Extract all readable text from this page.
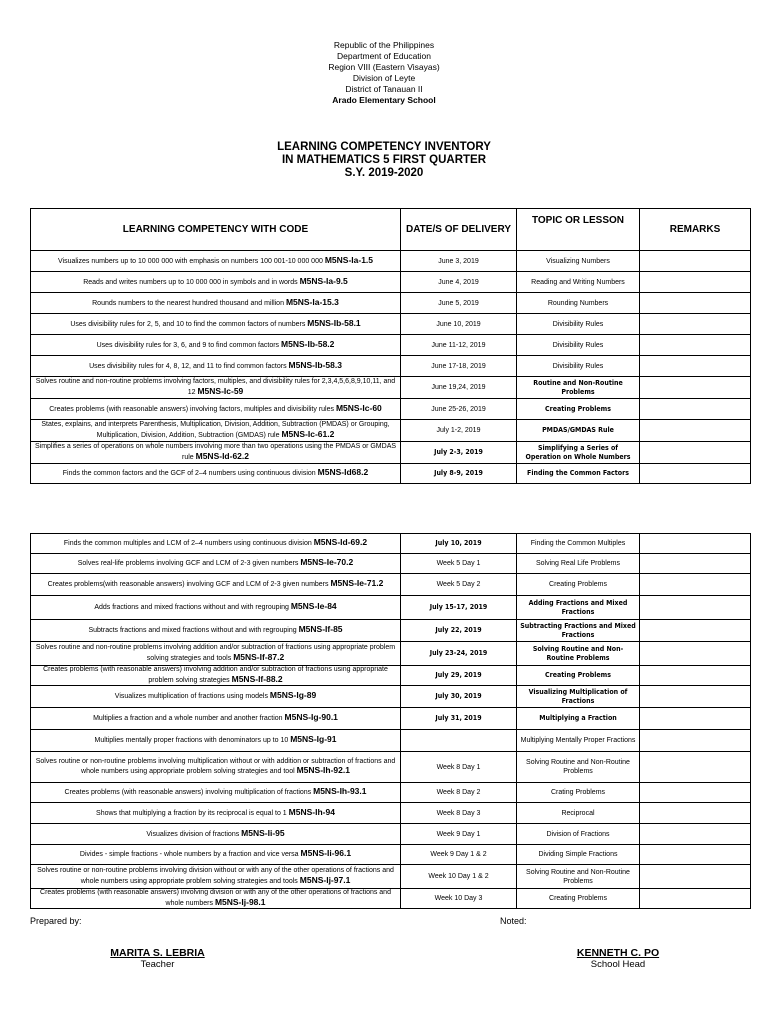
Republic of the Philippines
Department of Education
Region VIII (Eastern Visayas)
Division of Leyte
District of Tanauan II
Arado Elementary School
LEARNING COMPETENCY INVENTORY
IN MATHEMATICS 5 FIRST QUARTER
S.Y. 2019-2020
LEARNING COMPETENCY WITH CODE	DATE/S OF DELIVERY	TOPIC OR LESSON	REMARKS
Visualizes numbers up to 10 000 000 with emphasis on numbers 100 001-10 000 000 M5NS-Ia-1.5	June 3, 2019	Visualizing Numbers	
Reads and writes numbers up to 10 000 000 in symbols and in words M5NS-Ia-9.5	June 4, 2019	Reading and Writing Numbers	
Rounds numbers to the nearest hundred thousand and million M5NS-Ia-15.3	June 5, 2019	Rounding Numbers	
Uses divisibility rules for 2, 5, and 10 to find the common factors of numbers M5NS-Ib-58.1	June 10, 2019	Divisibility Rules	
Uses divisibility rules for 3, 6, and 9 to find common factors M5NS-Ib-58.2	June 11-12, 2019	Divisibility Rules	
Uses divisibility rules for 4, 8, 12, and 11 to find common factors M5NS-Ib-58.3	June 17-18, 2019	Divisibility Rules	
Solves routine and non-routine problems involving factors, multiples, and divisibility rules for 2,3,4,5,6,8,9,10,11, and 12 M5NS-Ic-59	June 19,24, 2019	Routine and Non-Routine Problems	
Creates problems (with reasonable answers) involving factors, multiples and divisibility rules M5NS-Ic-60	June 25-26, 2019	Creating Problems	
States, explains, and interprets Parenthesis, Multiplication, Division, Addition, Subtraction (PMDAS) or Grouping, Multiplication, Division, Addition, Subtraction (GMDAS) rule M5NS-Ic-61.2	July 1-2, 2019	PMDAS/GMDAS Rule	
Simplifies a series of operations on whole numbers involving more than two operations using the PMDAS or GMDAS rule M5NS-Id-62.2	July 2-3, 2019	Simplifying a Series of Operation on Whole Numbers	
Finds the common factors and the GCF of 2–4 numbers using continuous division M5NS-Id68.2	July 8-9, 2019	Finding the Common Factors	
Finds the common multiples and LCM of 2–4 numbers using continuous division M5NS-Id-69.2	July 10, 2019	Finding the Common Multiples	
Solves real-life problems involving GCF and LCM of 2-3 given numbers M5NS-Ie-70.2	Week 5 Day 1	Solving Real Life Problems	
Creates problems(with reasonable answers) involving GCF and LCM of 2-3 given numbers M5NS-Ie-71.2	Week 5 Day 2	Creating Problems	
Adds fractions and mixed fractions without and with regrouping M5NS-Ie-84	July 15-17, 2019	Adding Fractions and Mixed Fractions	
Subtracts fractions and mixed fractions without and with regrouping M5NS-If-85	July 22, 2019	Subtracting Fractions and Mixed Fractions	
Solves routine and non-routine problems involving addition and/or subtraction of fractions using appropriate problem solving strategies and tools M5NS-If-87.2	July 23-24, 2019	Solving Routine and Non-Routine Problems	
Creates problems (with reasonable answers) involving addition and/or subtraction of fractions using appropriate problem solving strategies M5NS-If-88.2	July 29, 2019	Creating Problems	
Visualizes multiplication of fractions using models M5NS-Ig-89	July 30, 2019	Visualizing Multiplication of Fractions	
Multiplies a fraction and a whole number and another fraction M5NS-Ig-90.1	July 31, 2019	Multiplying a Fraction	
Multiplies mentally proper fractions with denominators up to 10 M5NS-Ig-91		Multiplying Mentally Proper Fractions	
Solves routine or non-routine problems involving multiplication without or with addition or subtraction of fractions and whole numbers using appropriate problem solving strategies and tool M5NS-Ih-92.1	Week 8 Day 1	Solving Routine and Non-Routine Problems	
Creates problems (with reasonable answers) involving multiplication of fractions M5NS-Ih-93.1	Week 8 Day 2	Crating Problems	
Shows that multiplying a fraction by its reciprocal is equal to 1 M5NS-Ih-94	Week 8 Day 3	Reciprocal	
Visualizes division of fractions M5NS-Ii-95	Week 9 Day 1	Division of Fractions	
Divides - simple fractions - whole numbers by a fraction and vice versa M5NS-Ii-96.1	Week 9 Day 1 & 2	Dividing Simple Fractions	
Solves routine or non-routine problems involving division without or with any of the other operations of fractions and whole numbers using appropriate problem solving strategies and tools M5NS-Ij-97.1	Week 10 Day 1 & 2	Solving Routine and Non-Routine Problems	
Creates problems (with reasonable answers) involving division or with any of the other operations of fractions and whole numbers M5NS-Ij-98.1	Week 10 Day 3	Creating Problems	
Prepared by:	Noted:
MARITA S. LEBRIA
Teacher
KENNETH C. PO
School Head
